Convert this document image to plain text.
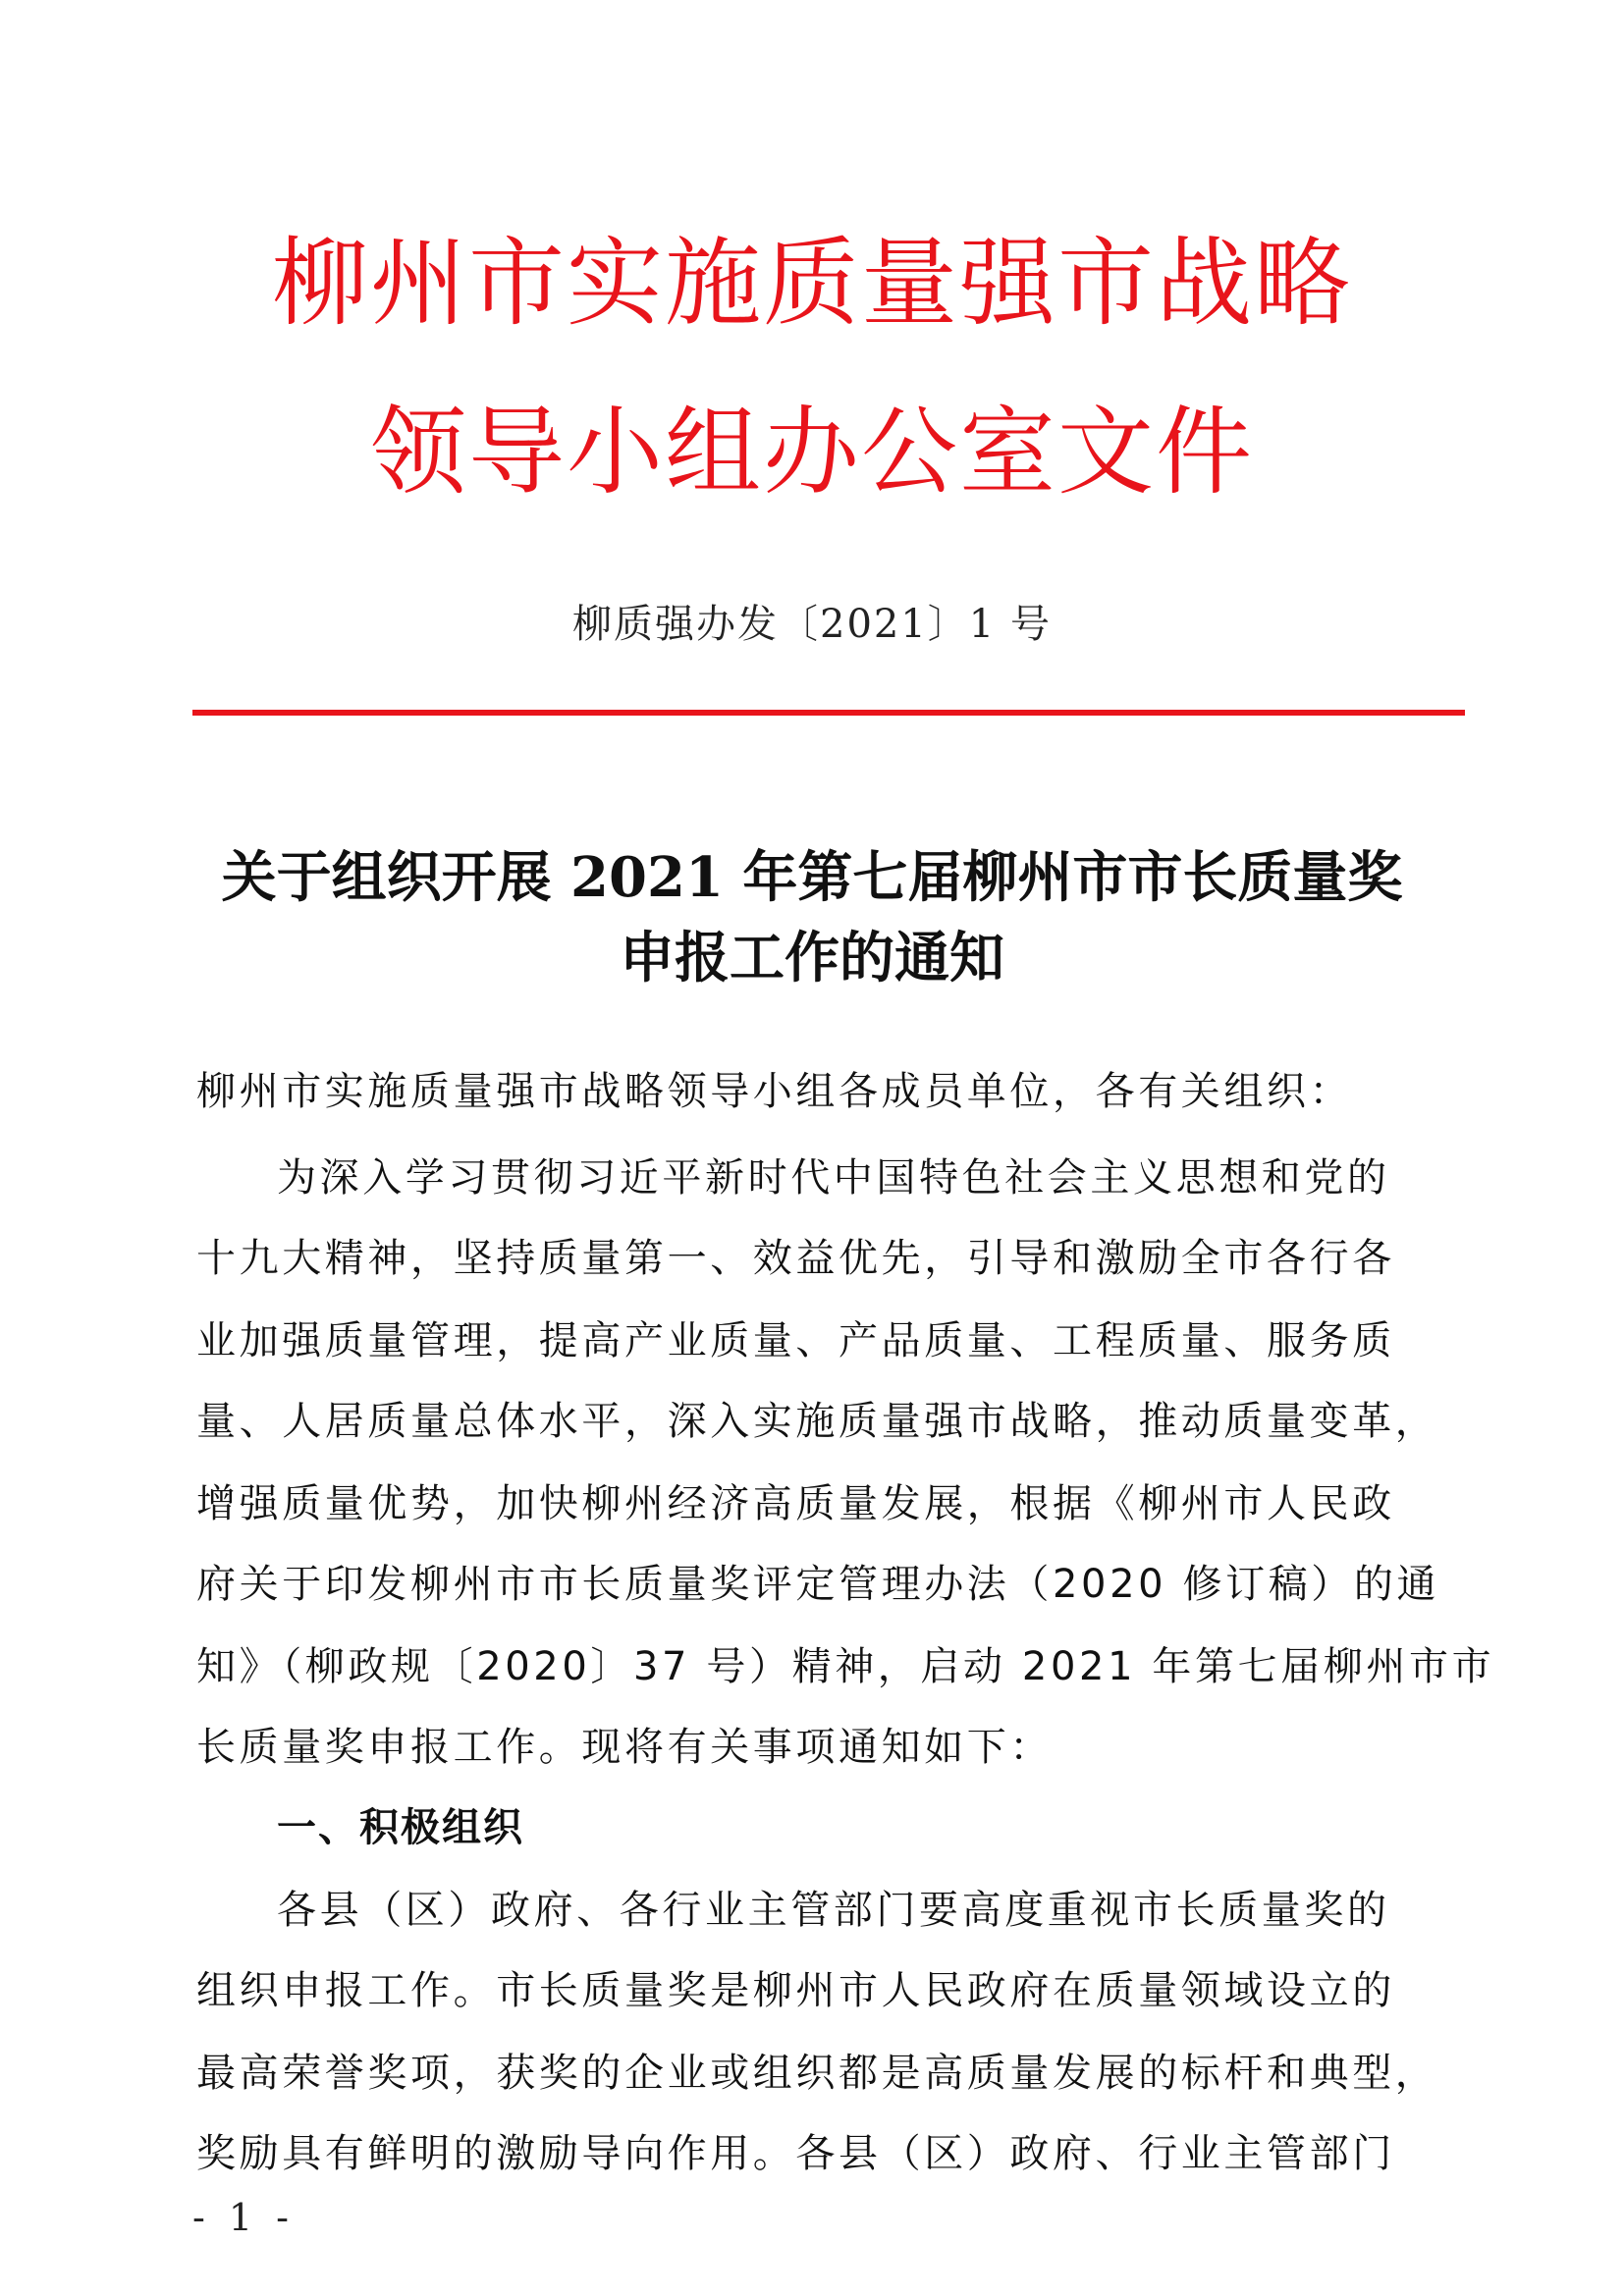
柳州市实施质量强市战略
领导小组办公室文件
柳质强办发〔2021〕1 号
关于组织开展 2021 年第七届柳州市市长质量奖
申报工作的通知

柳州市实施质量强市战略领导小组各成员单位，各有关组织：

为深入学习贯彻习近平新时代中国特色社会主义思想和党的

十九大精神，坚持质量第一、效益优先，引导和激励全市各行各

业加强质量管理，提高产业质量、产品质量、工程质量、服务质

量、人居质量总体水平，深入实施质量强市战略，推动质量变革，

增强质量优势，加快柳州经济高质量发展，根据《柳州市人民政

府关于印发柳州市市长质量奖评定管理办法（2020 修订稿）的通

知》（柳政规〔2020〕37 号）精神，启动 2021 年第七届柳州市市

长质量奖申报工作。现将有关事项通知如下：

一、积极组织

各县（区）政府、各行业主管部门要高度重视市长质量奖的

组织申报工作。市长质量奖是柳州市人民政府在质量领域设立的

最高荣誉奖项，获奖的企业或组织都是高质量发展的标杆和典型，

奖励具有鲜明的激励导向作用。各县（区）政府、行业主管部门

- 1 -
